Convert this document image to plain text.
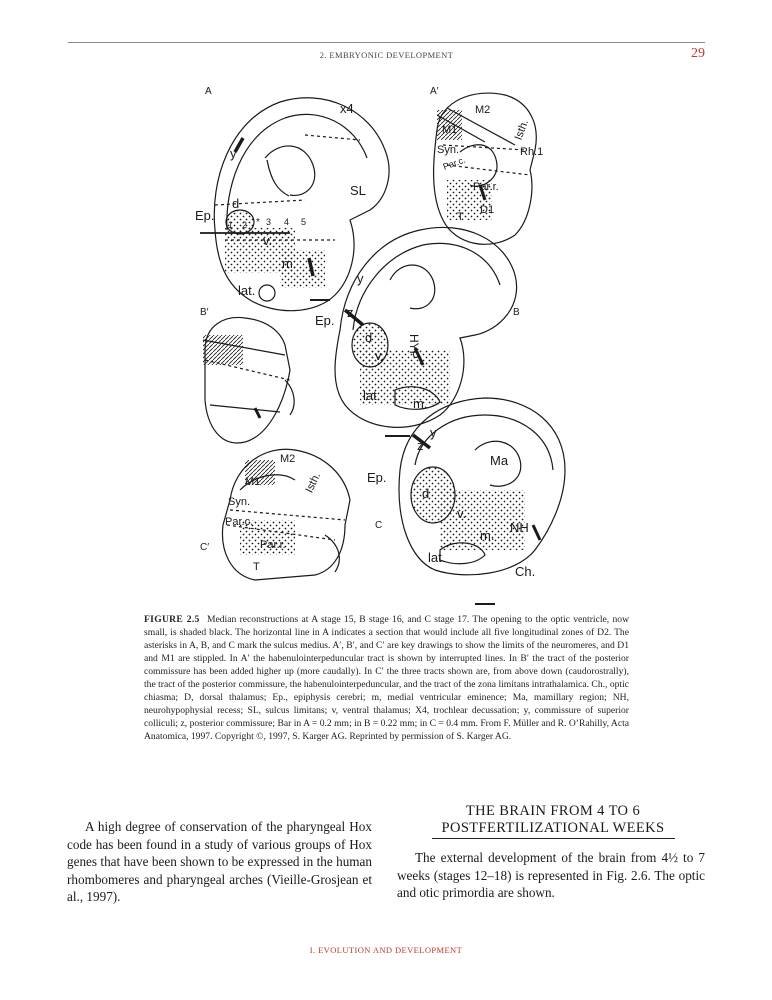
2. EMBRYONIC DEVELOPMENT	29
A
x4
y
SL
Ep.
d
1 2 3 4 5
*
v.
m.
lat.
A′
M2
M1	Isth.
Syn.
Par.c.
Rh.1
Par.r.
D1
T
B′	B
y
z
Ep.
d
v. HYP
lat.
m.
C′
M2
M1	Isth.
Syn.
Par.c.
Par.r.
T
C
y
z
Ep.
Ma
d
v.
NH
m.
lat.
Ch.
FIGURE 2.5 Median reconstructions at A stage 15, B stage 16, and C stage 17. The opening to the optic ventricle, now small, is shaded black. The horizontal line in A indicates a section that would include all five longitudinal zones of D2. The asterisks in A, B, and C mark the sulcus medius. A′, B′, and C′ are key drawings to show the limits of the neuromeres, and D1 and M1 are stippled. In A′ the habenulointerpeduncular tract is shown by interrupted lines. In B′ the tract of the posterior commissure has been added higher up (more caudally). In C′ the three tracts shown are, from above down (caudorostrally), the tract of the posterior commissure, the habenulointerpeduncular, and the tract of the zona limitans intrathalamica. Ch., optic chiasma; D, dorsal thalamus; Ep., epiphysis cerebri; m, medial ventricular eminence; Ma, mamillary region; NH, neurohypophysial recess; SL, sulcus limitans; v, ventral thalamus; X4, trochlear decussation; y, commissure of superior colliculi; z, posterior commissure; Bar in A = 0.2 mm; in B = 0.22 mm; in C = 0.4 mm. From F. Müller and R. O’Rahilly, Acta Anatomica, 1997. Copyright ©, 1997, S. Karger AG. Reprinted by permission of S. Karger AG.
A high degree of conservation of the pharyngeal Hox code has been found in a study of various groups of Hox genes that have been shown to be expressed in the human rhombomeres and pharyngeal arches (Vieille-Grosjean et al., 1997).
THE BRAIN FROM 4 TO 6
POSTFERTILIZATIONAL WEEKS
The external development of the brain from 4½ to 7 weeks (stages 12–18) is represented in Fig. 2.6. The optic and otic primordia are shown.
I. EVOLUTION AND DEVELOPMENT
